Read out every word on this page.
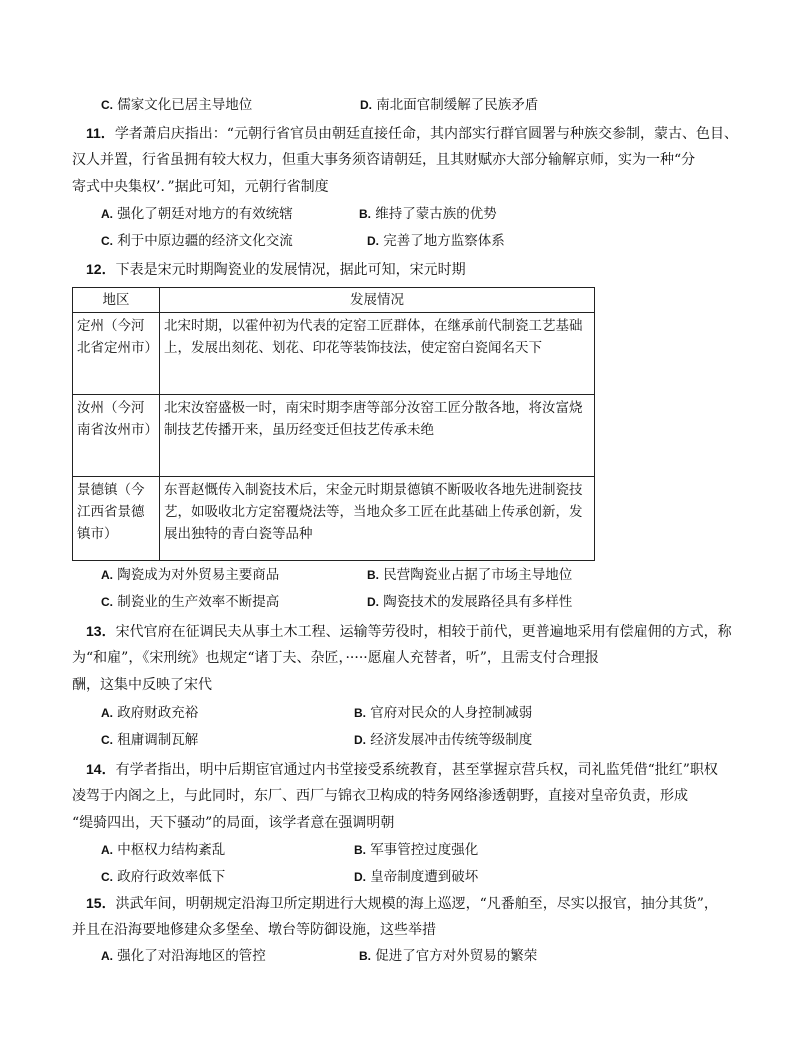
C. 儒家文化已居主导地位	D. 南北面官制缓解了民族矛盾
11．学者萧启庆指出：“元朝行省官员由朝廷直接任命，其内部实行群官圆署与种族交参制，蒙古、色目、
汉人并置，行省虽拥有较大权力，但重大事务须咨请朝廷，且其财赋亦大部分输解京师，实为一种“分
寄式中央集权’．”据此可知，元朝行省制度
A. 强化了朝廷对地方的有效统辖	B. 维持了蒙古族的优势
C. 利于中原边疆的经济文化交流	D. 完善了地方监察体系
12．下表是宋元时期陶瓷业的发展情况，据此可知，宋元时期
地区	发展情况
定州（今河北省定州市）	北宋时期，以霍仲初为代表的定窑工匠群体，在继承前代制瓷工艺基础上，发展出刻花、划花、印花等装饰技法，使定窑白瓷闻名天下
汝州（今河南省汝州市）	北宋汝窑盛极一时，南宋时期李唐等部分汝窑工匠分散各地，将汝富烧制技艺传播开来，虽历经变迁但技艺传承未绝
景德镇（今江西省景德镇市）	东晋赵慨传入制瓷技术后，宋金元时期景德镇不断吸收各地先进制瓷技艺，如吸收北方定窑覆烧法等，当地众多工匠在此基础上传承创新，发展出独特的青白瓷等品种
A. 陶瓷成为对外贸易主要商品	B. 民营陶瓷业占据了市场主导地位
C. 制瓷业的生产效率不断提高	D. 陶瓷技术的发展路径具有多样性
13．宋代官府在征调民夫从事土木工程、运输等劳役时，相较于前代，更普遍地采用有偿雇佣的方式，称
为“和雇”，《宋刑统》也规定“诸丁夫、杂匠，·····愿雇人充替者，听”，且需支付合理报
酬，这集中反映了宋代
A. 政府财政充裕	B. 官府对民众的人身控制减弱
C. 租庸调制瓦解	D. 经济发展冲击传统等级制度
14．有学者指出，明中后期宦官通过内书堂接受系统教育，甚至掌握京营兵权，司礼监凭借“批红”职权
凌驾于内阁之上，与此同时，东厂、西厂与锦衣卫构成的特务网络渗透朝野，直接对皇帝负责，形成
“缇骑四出，天下骚动”的局面，该学者意在强调明朝
A. 中枢权力结构紊乱	B. 军事管控过度强化
C. 政府行政效率低下	D. 皇帝制度遭到破坏
15．洪武年间，明朝规定沿海卫所定期进行大规模的海上巡逻，“凡番舶至，尽实以报官，抽分其货”，
并且在沿海要地修建众多堡垒、墩台等防御设施，这些举措
A. 强化了对沿海地区的管控	B. 促进了官方对外贸易的繁荣
